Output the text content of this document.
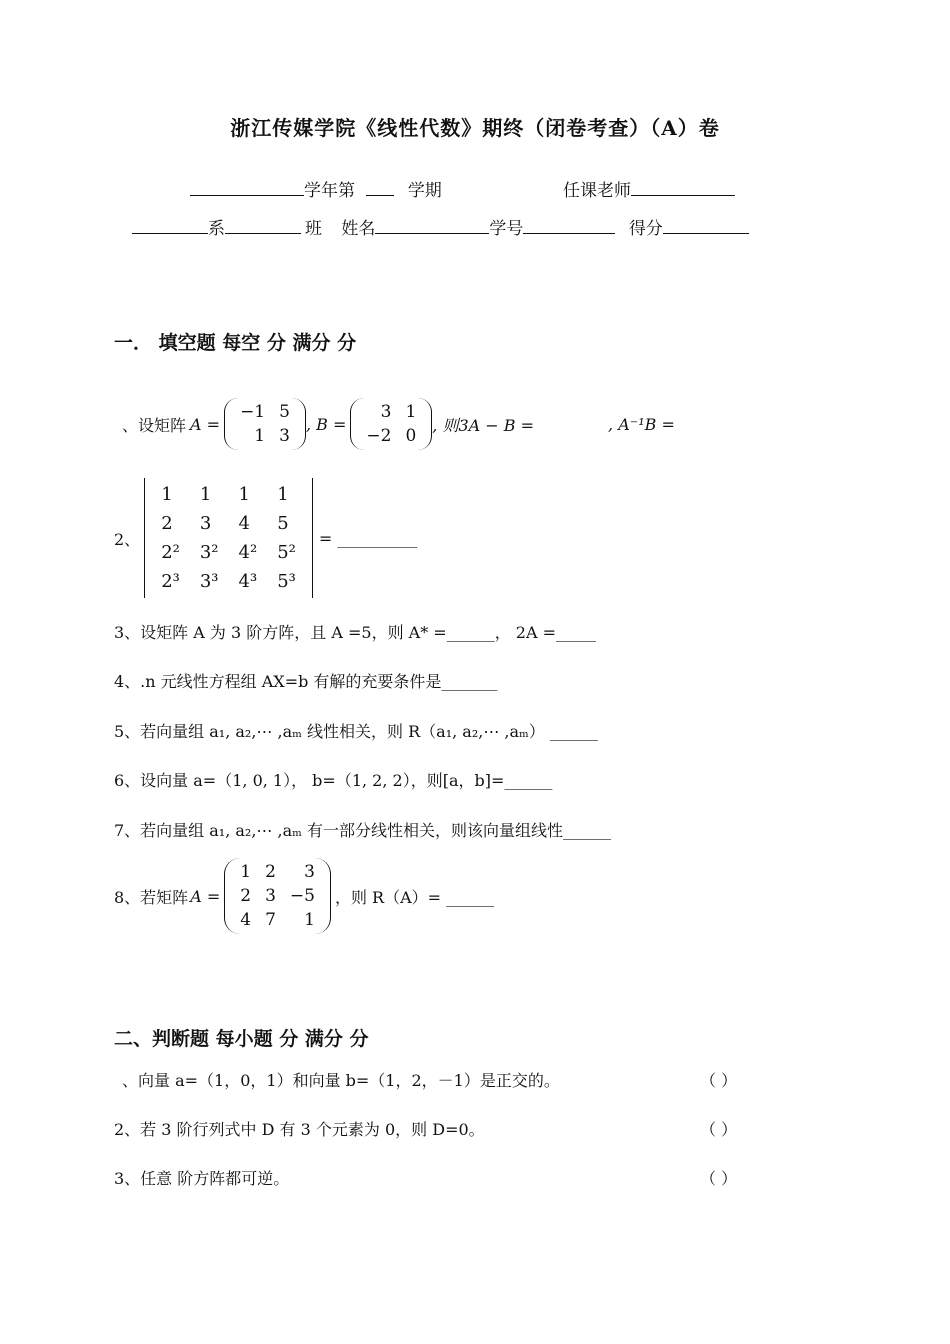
浙江传媒学院《线性代数》期终（闭卷考查）（A）卷
学年第	学期	任课老师
系	班 姓名	学号	得分
一． 填空题 每空 分 满分 分
、设矩阵 A =
−1	5
1	3
, B =
3	1
−2	0
, 则3A − B =	, A⁻¹B =
2、
1	1	1	1
2	3	4	5
2²	3²	4²	5²
2³	3³	4³	5³
= __________
3、设矩阵 A 为 3 阶方阵，且 A =5，则 A* =______， 2A =_____
4、.n 元线性方程组 AX=b 有解的充要条件是_______
5、若向量组 a₁, a₂,⋯ ,aₘ 线性相关，则 R（a₁, a₂,⋯ ,aₘ） ______
6、设向量 a=（1, 0, 1）， b=（1, 2, 2），则[a，b]=______
7、若向量组 a₁, a₂,⋯ ,aₘ 有一部分线性相关，则该向量组线性______
8、若矩阵 A =
1	2	3
2	3	−5
4	7	1
，则 R（A）= ______
二、判断题 每小题 分 满分 分
、向量 a=（1，0，1）和向量 b=（1，2，－1）是正交的。	（ ）
2、若 3 阶行列式中 D 有 3 个元素为 0，则 D=0。	（ ）
3、任意 阶方阵都可逆。	（ ）
